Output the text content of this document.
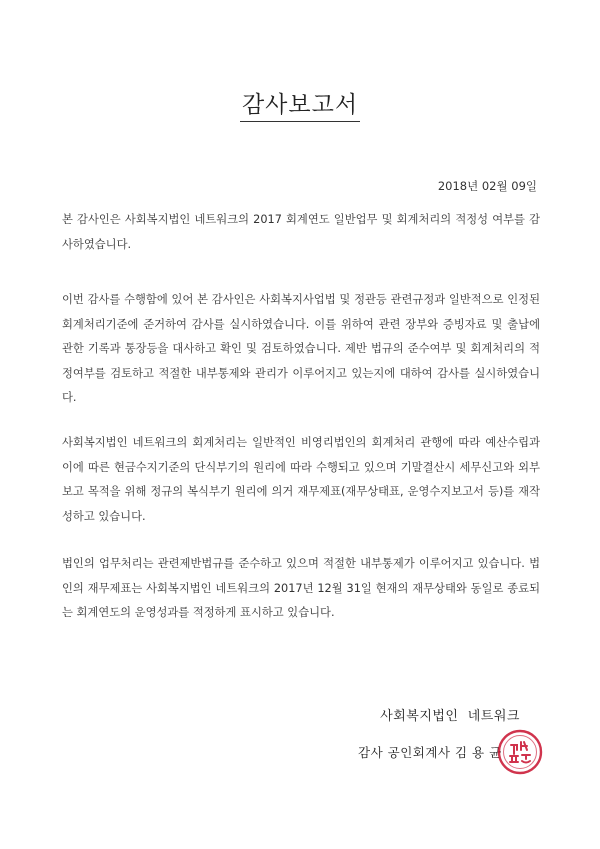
감사보고서
2018년 02월 09일

본 감사인은 사회복지법인 네트워크의 2017 회계연도 일반업무 및 회계처리의 적정성 여부를 감사하였습니다.

이번 감사를 수행함에 있어 본 감사인은 사회복지사업법 및 정관등 관련규정과 일반적으로 인정된 회계처리기준에 준거하여 감사를 실시하였습니다. 이를 위하여 관련 장부와 증빙자료 및 출납에 관한 기록과 통장등을 대사하고 확인 및 검토하였습니다. 제반 법규의 준수여부 및 회계처리의 적정여부를 검토하고 적절한 내부통제와 관리가 이루어지고 있는지에 대하여 감사를 실시하였습니다.

사회복지법인 네트워크의 회계처리는 일반적인 비영리법인의 회계처리 관행에 따라 예산수립과 이에 따른 현금수지기준의 단식부기의 원리에 따라 수행되고 있으며 기말결산시 세무신고와 외부보고 목적을 위해 정규의 복식부기 원리에 의거 재무제표(재무상태표, 운영수지보고서 등)를 재작성하고 있습니다.

법인의 업무처리는 관련제반법규를 준수하고 있으며 적절한 내부통제가 이루어지고 있습니다. 법인의 재무제표는 사회복지법인 네트워크의 2017년 12월 31일 현재의 재무상태와 동일로 종료되는 회계연도의 운영성과를 적정하게 표시하고 있습니다.

사회복지법인  네트워크
감사 공인회계사 김 용 균
